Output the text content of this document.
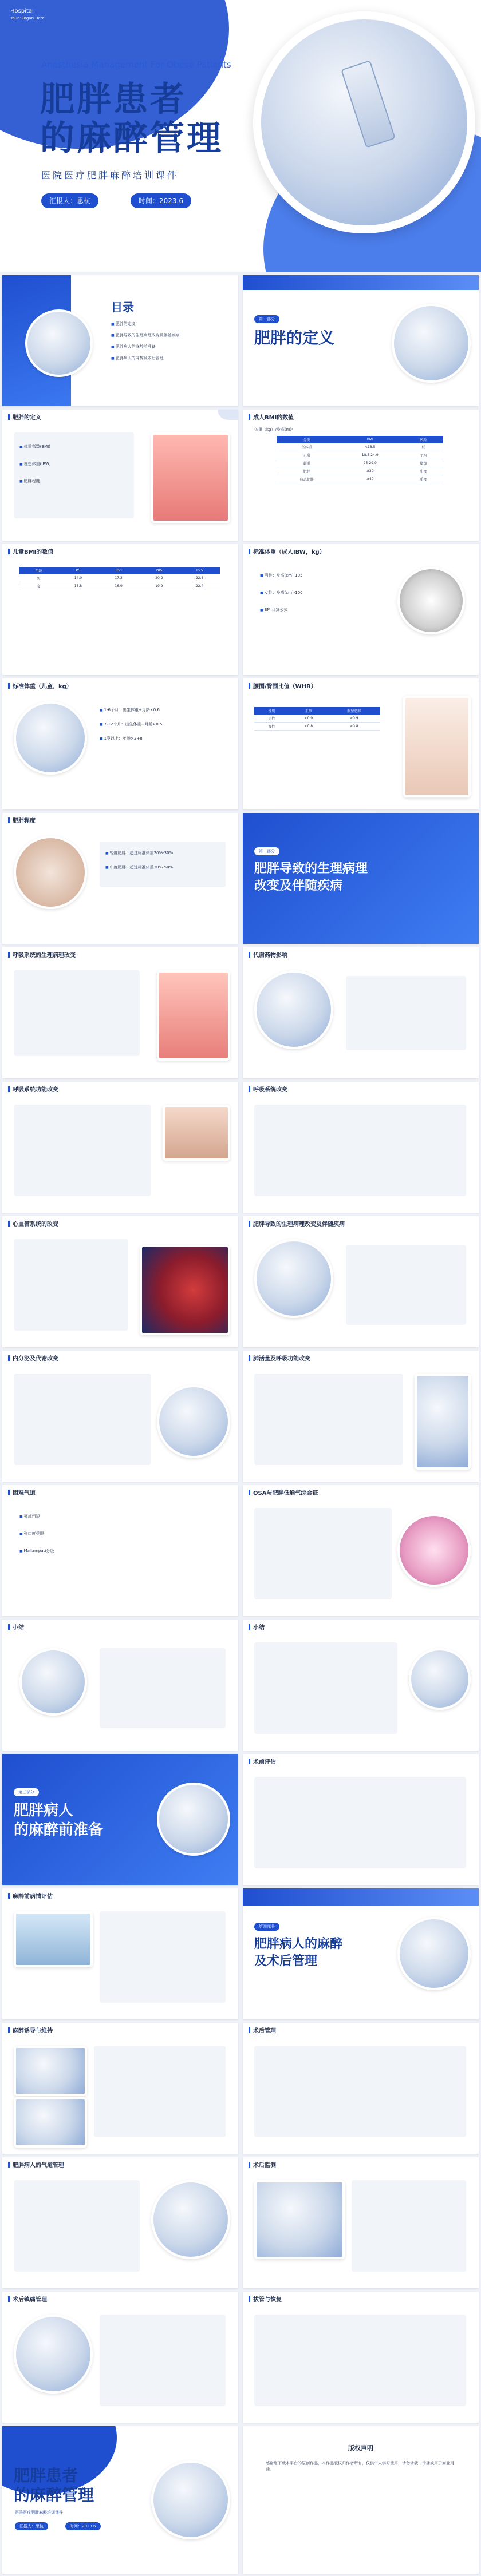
Hospital
Your Slogan Here
Anesthesia Management For Obese Patients
肥胖患者
的麻醉管理
医院医疗肥胖麻醉培训课件
汇报人：思杭	时间：2023.6
目录
■ 肥胖的定义
■ 肥胖导致的生理病理改变及伴随疾病
■ 肥胖病人的麻醉前准备
■ 肥胖病人的麻醉及术后管理
第一部分
肥胖的定义
肥胖的定义
■ 体重指数(BMI)
■ 理想体重(IBW)
■ 肥胖程度
成人BMI的数值
体重（kg）/身高(m)²
分类	BMI	风险
低体重	<18.5	低
正常	18.5-24.9	平均
超重	25-29.9	增加
肥胖	≥30	中度
病态肥胖	≥40	重度
儿童BMI的数值
年龄	P5	P50	P85	P95
男	14.0	17.2	20.2	22.6
女	13.8	16.9	19.9	22.4
标准体重（成人IBW，kg）
■ 男性：身高(cm)-105
■ 女性：身高(cm)-100
■ BMI计算公式
标准体重（儿童，kg）
■ 1-6个月：出生体重+月龄×0.6
■ 7-12个月：出生体重+月龄×0.5
■ 1岁以上：年龄×2+8
腰围/臀围比值（WHR）
性别	正常	腹型肥胖
男性	<0.9	≥0.9
女性	<0.8	≥0.8
肥胖程度
■ 轻度肥胖：超过标准体重20%-30%
■ 中度肥胖：超过标准体重30%-50%
第二部分
肥胖导致的生理病理
改变及伴随疾病
呼吸系统的生理病理改变	代谢药物影响
呼吸系统功能改变	呼吸系统改变
心血管系统的改变	肥胖导致的生理病理改变及伴随疾病
内分泌及代谢改变	肺活量及呼吸功能改变
困难气道
■ 颈部粗短
■ 张口度受限
■ Mallampati分级
OSA与肥胖低通气综合征
小结	小结
第三部分
肥胖病人
的麻醉前准备
术前评估
麻醉前病情评估
第四部分
肥胖病人的麻醉
及术后管理
麻醉诱导与维持	术后管理
肥胖病人的气道管理	术后监测
术后镇痛管理	拔管与恢复
肥胖患者
的麻醉管理
医院医疗肥胖麻醉培训课件
汇报人：思杭	时间：2023.6
版权声明
感谢您下载本平台的原创作品，本作品版权归作者所有，仅供个人学习使用，请勿转载、传播或用于商业用途。
